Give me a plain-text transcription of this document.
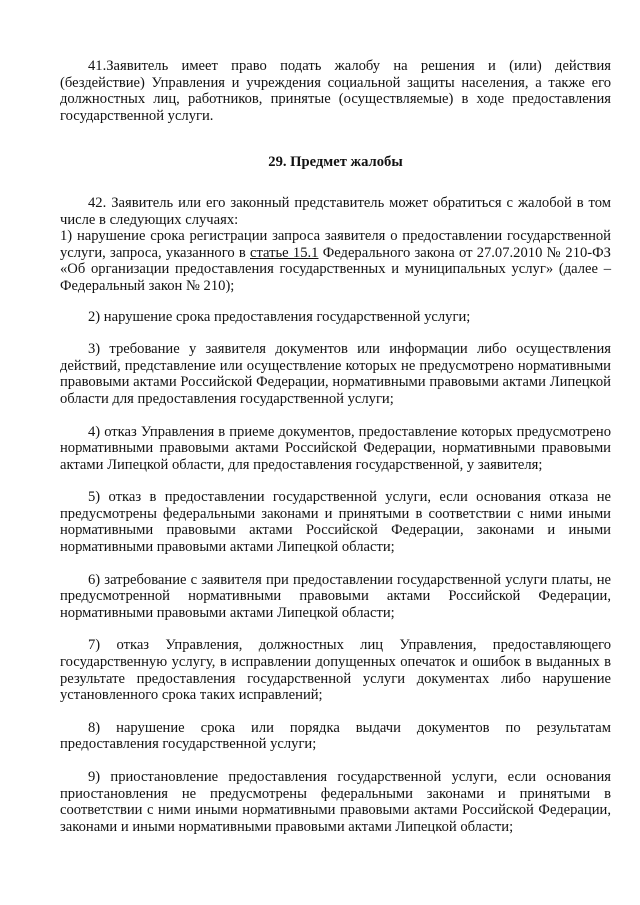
41.Заявитель имеет право подать жалобу на решения и (или) действия (бездействие) Управления и учреждения социальной защиты населения, а также его должностных лиц, работников, принятые (осуществляемые) в ходе предоставления государственной услуги.

29. Предмет жалобы

42. Заявитель или его законный представитель может обратиться с жалобой в том числе в следующих случаях:

1) нарушение срока регистрации запроса заявителя о предоставлении государственной услуги, запроса, указанного в статье 15.1 Федерального закона от 27.07.2010 № 210-ФЗ «Об организации предоставления государственных и муниципальных услуг» (далее – Федеральный закон № 210);

2) нарушение срока предоставления государственной услуги;

3) требование у заявителя документов или информации либо осуществления действий, представление или осуществление которых не предусмотрено нормативными правовыми актами Российской Федерации, нормативными правовыми актами Липецкой области для предоставления государственной услуги;

4) отказ Управления в приеме документов, предоставление которых предусмотрено нормативными правовыми актами Российской Федерации, нормативными правовыми актами Липецкой области, для предоставления государственной, у заявителя;

5) отказ в предоставлении государственной услуги, если основания отказа не предусмотрены федеральными законами и принятыми в соответствии с ними иными нормативными правовыми актами Российской Федерации, законами и иными нормативными правовыми актами Липецкой области;

6) затребование с заявителя при предоставлении государственной услуги платы, не предусмотренной нормативными правовыми актами Российской Федерации, нормативными правовыми актами Липецкой области;

7) отказ Управления, должностных лиц Управления, предоставляющего государственную услугу, в исправлении допущенных опечаток и ошибок в выданных в результате предоставления государственной услуги документах либо нарушение установленного срока таких исправлений;

8) нарушение срока или порядка выдачи документов по результатам предоставления государственной услуги;

9) приостановление предоставления государственной услуги, если основания приостановления не предусмотрены федеральными законами и принятыми в соответствии с ними иными нормативными правовыми актами Российской Федерации, законами и иными нормативными правовыми актами Липецкой области;
